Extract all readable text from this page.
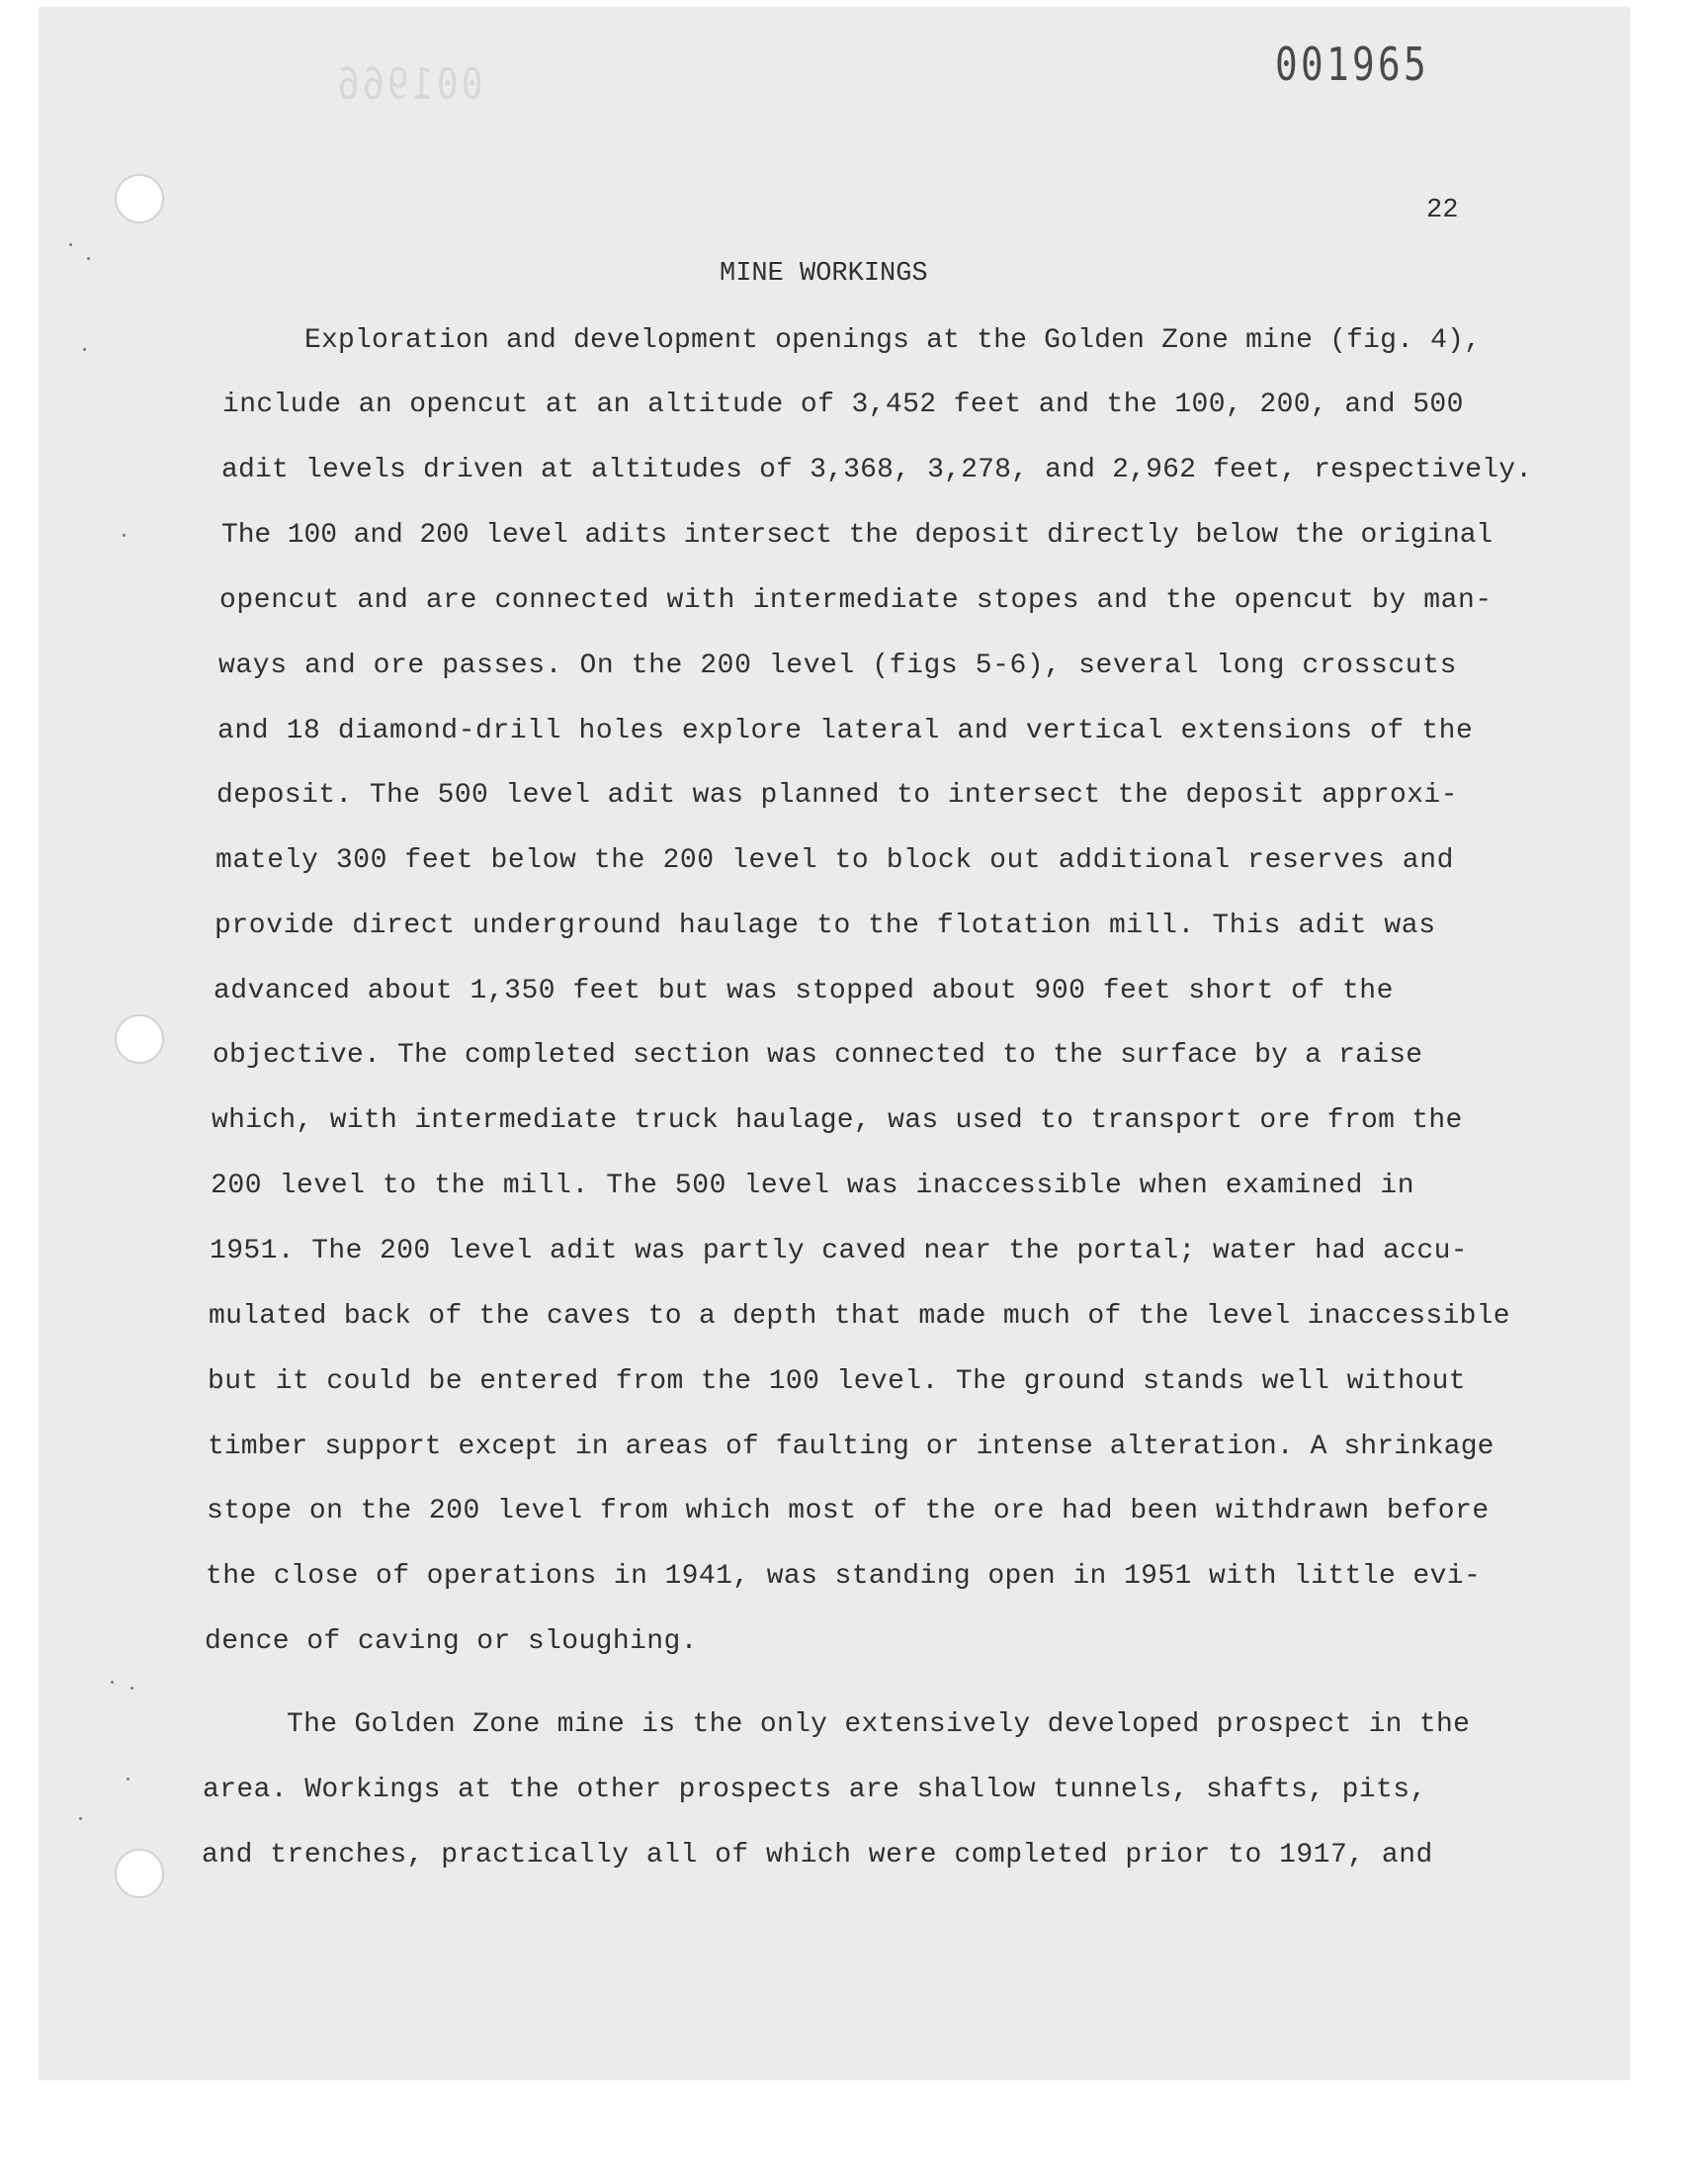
001966	001965
22
MINE WORKINGS
Exploration and development openings at the Golden Zone mine (fig. 4),
include an opencut at an altitude of 3,452 feet and the 100, 200, and 500
adit levels driven at altitudes of 3,368, 3,278, and 2,962 feet, respectively.
The 100 and 200 level adits intersect the deposit directly below the original
opencut and are connected with intermediate stopes and the opencut by man-
ways and ore passes. On the 200 level (figs 5-6), several long crosscuts
and 18 diamond-drill holes explore lateral and vertical extensions of the
deposit. The 500 level adit was planned to intersect the deposit approxi-
mately 300 feet below the 200 level to block out additional reserves and
provide direct underground haulage to the flotation mill. This adit was
advanced about 1,350 feet but was stopped about 900 feet short of the
objective. The completed section was connected to the surface by a raise
which, with intermediate truck haulage, was used to transport ore from the
200 level to the mill. The 500 level was inaccessible when examined in
1951. The 200 level adit was partly caved near the portal; water had accu-
mulated back of the caves to a depth that made much of the level inaccessible
but it could be entered from the 100 level. The ground stands well without
timber support except in areas of faulting or intense alteration. A shrinkage
stope on the 200 level from which most of the ore had been withdrawn before
the close of operations in 1941, was standing open in 1951 with little evi-
dence of caving or sloughing.
The Golden Zone mine is the only extensively developed prospect in the
area. Workings at the other prospects are shallow tunnels, shafts, pits,
and trenches, practically all of which were completed prior to 1917, and
